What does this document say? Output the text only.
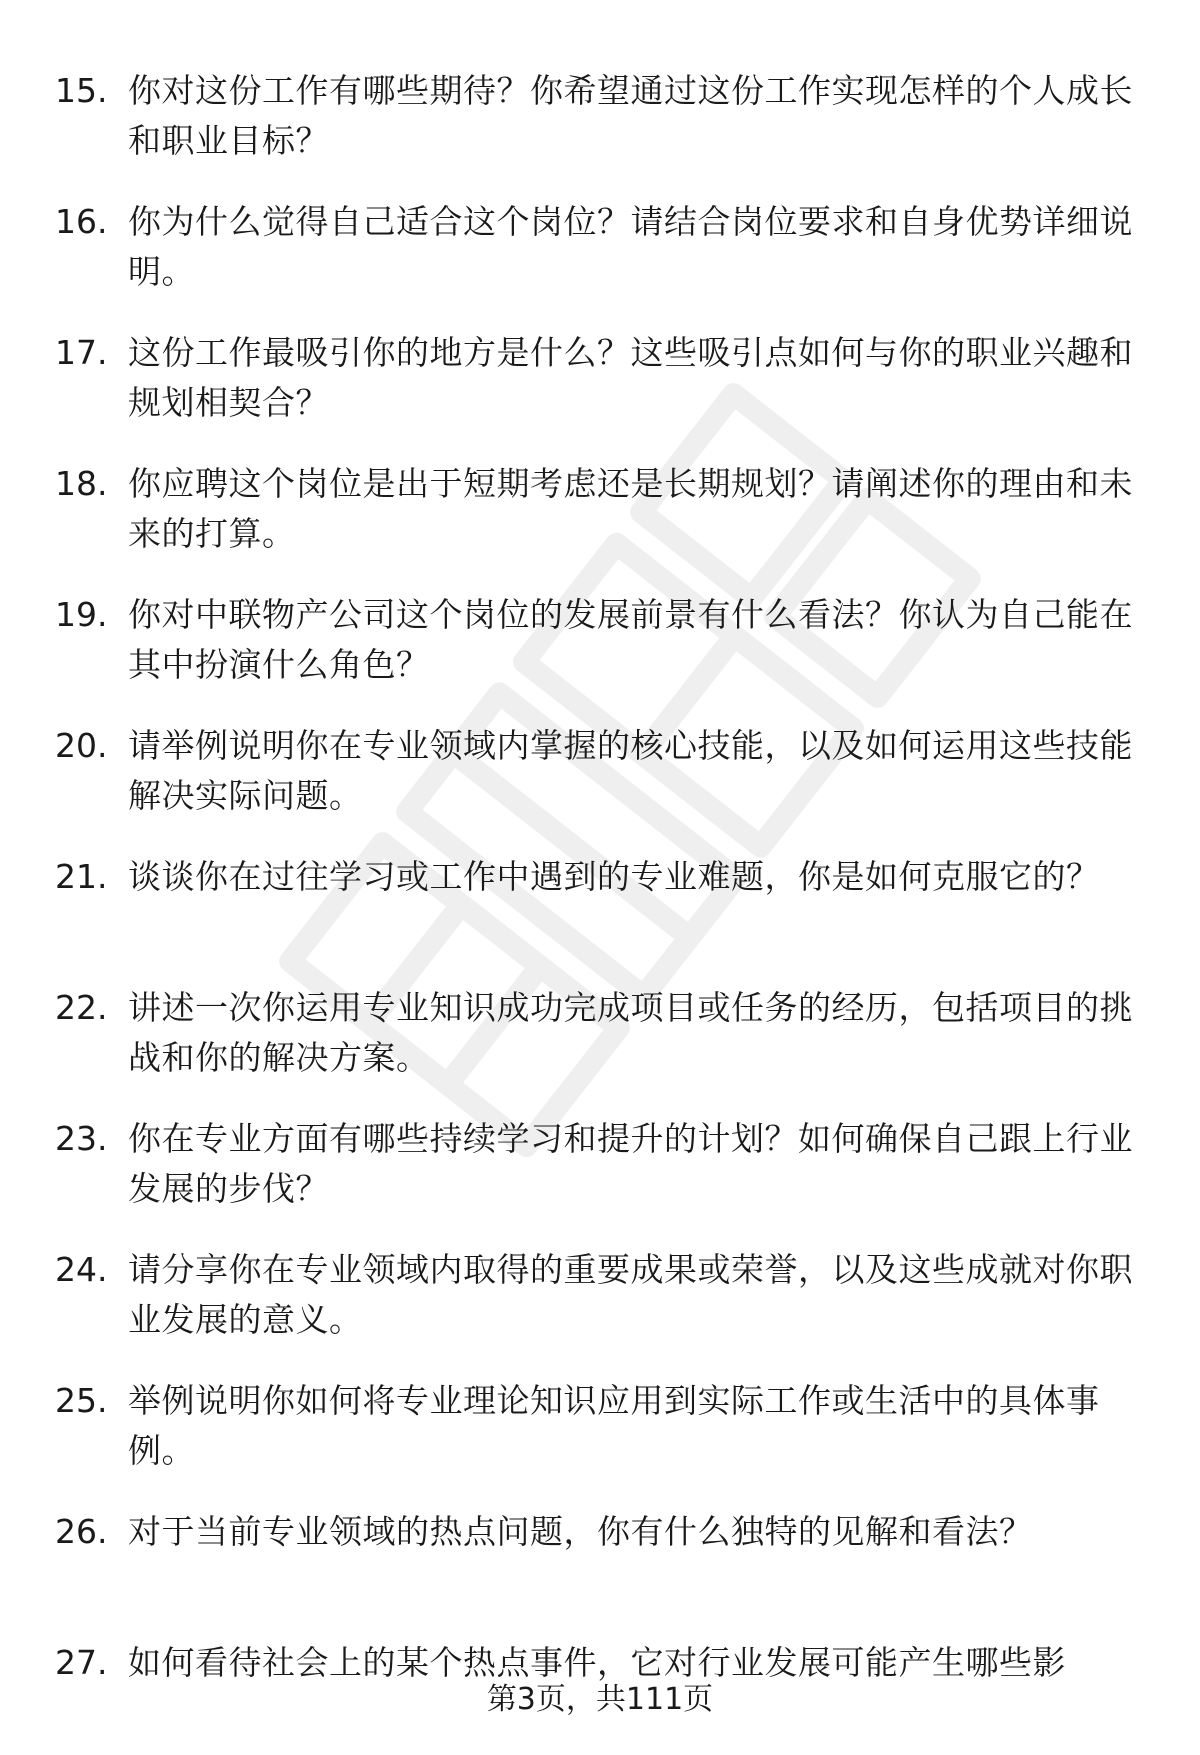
15. 你对这份工作有哪些期待？你希望通过这份工作实现怎样的个人成长和职业目标？
16. 你为什么觉得自己适合这个岗位？请结合岗位要求和自身优势详细说明。
17. 这份工作最吸引你的地方是什么？这些吸引点如何与你的职业兴趣和规划相契合？
18. 你应聘这个岗位是出于短期考虑还是长期规划？请阐述你的理由和未来的打算。
19. 你对中联物产公司这个岗位的发展前景有什么看法？你认为自己能在其中扮演什么角色？
20. 请举例说明你在专业领域内掌握的核心技能，以及如何运用这些技能解决实际问题。
21. 谈谈你在过往学习或工作中遇到的专业难题，你是如何克服它的？
22. 讲述一次你运用专业知识成功完成项目或任务的经历，包括项目的挑战和你的解决方案。
23. 你在专业方面有哪些持续学习和提升的计划？如何确保自己跟上行业发展的步伐？
24. 请分享你在专业领域内取得的重要成果或荣誉，以及这些成就对你职业发展的意义。
25. 举例说明你如何将专业理论知识应用到实际工作或生活中的具体事例。
26. 对于当前专业领域的热点问题，你有什么独特的见解和看法？
27. 如何看待社会上的某个热点事件，它对行业发展可能产生哪些影
第3页，共111页
